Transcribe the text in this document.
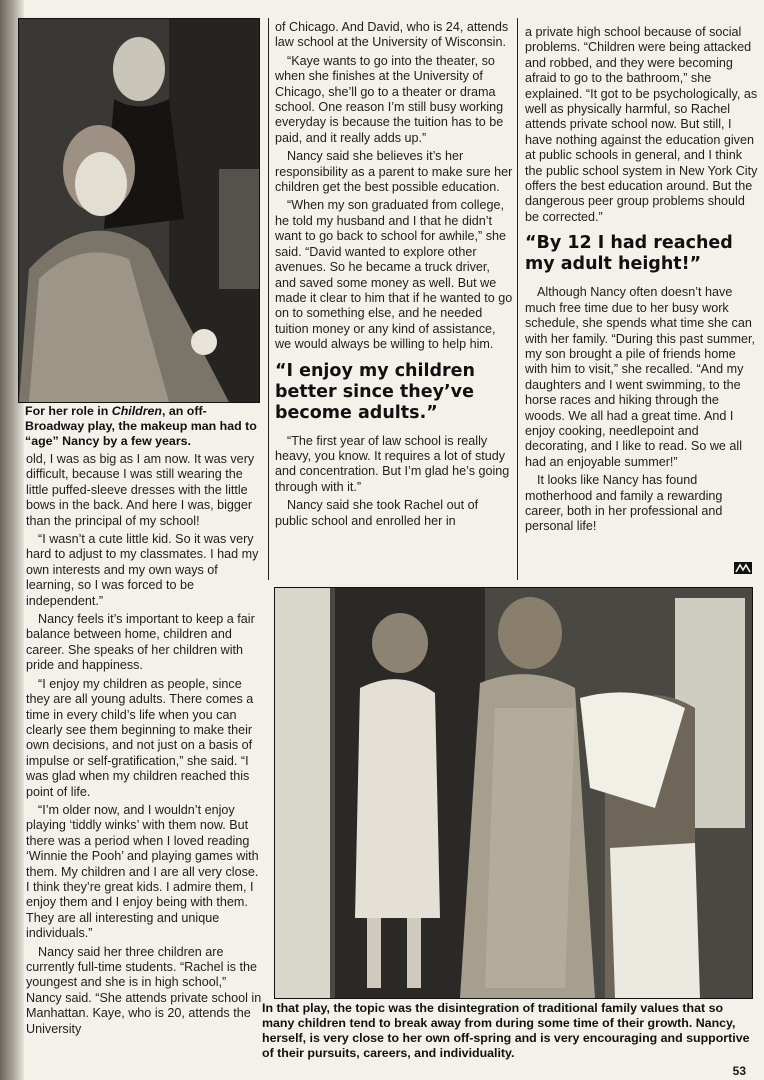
For her role in Children, an off-Broadway play, the makeup man had to “age” Nancy by a few years.

old, I was as big as I am now. It was very difficult, because I was still wearing the little puffed-sleeve dresses with the little bows in the back. And here I was, bigger than the principal of my school!

“I wasn’t a cute little kid. So it was very hard to adjust to my classmates. I had my own interests and my own ways of learning, so I was forced to be independent.”

Nancy feels it’s important to keep a fair balance between home, children and career. She speaks of her children with pride and happiness.

“I enjoy my children as people, since they are all young adults. There comes a time in every child’s life when you can clearly see them beginning to make their own decisions, and not just on a basis of impulse or self-gratification,” she said. “I was glad when my children reached this point of life.

“I’m older now, and I wouldn’t enjoy playing ‘tiddly winks’ with them now. But there was a period when I loved reading ‘Winnie the Pooh’ and playing games with them. My children and I are all very close. I think they’re great kids. I admire them, I enjoy them and I enjoy being with them. They are all interesting and unique individuals.”

Nancy said her three children are currently full-time students. “Rachel is the youngest and she is in high school,” Nancy said. “She attends private school in Manhattan. Kaye, who is 20, attends the University

of Chicago. And David, who is 24, attends law school at the University of Wisconsin.

“Kaye wants to go into the theater, so when she finishes at the University of Chicago, she’ll go to a theater or drama school. One reason I’m still busy working everyday is because the tuition has to be paid, and it really adds up.”

Nancy said she believes it’s her responsibility as a parent to make sure her children get the best possible education.

“When my son graduated from college, he told my husband and I that he didn’t want to go back to school for awhile,” she said. “David wanted to explore other avenues. So he became a truck driver, and saved some money as well. But we made it clear to him that if he wanted to go on to something else, and he needed tuition money or any kind of assistance, we would always be willing to help him.

“I enjoy my children better since they’ve become adults.”

“The first year of law school is really heavy, you know. It requires a lot of study and concentration. But I’m glad he’s going through with it.”

Nancy said she took Rachel out of public school and enrolled her in

a private high school because of social problems. “Children were being attacked and robbed, and they were becoming afraid to go to the bathroom,” she explained. “It got to be psychologically, as well as physically harmful, so Rachel attends private school now. But still, I have nothing against the education given at public schools in general, and I think the public school system in New York City offers the best education around. But the dangerous peer group problems should be corrected.”

“By 12 I had reached my adult height!”

Although Nancy often doesn’t have much free time due to her busy work schedule, she spends what time she can with her family. “During this past summer, my son brought a pile of friends home with him to visit,” she recalled. “And my daughters and I went swimming, to the horse races and hiking through the woods. We all had a great time. And I enjoy cooking, needlepoint and decorating, and I like to read. So we all had an enjoyable summer!”

It looks like Nancy has found motherhood and family a rewarding career, both in her professional and personal life!

In that play, the topic was the disintegration of traditional family values that so many children tend to break away from during some time of their growth. Nancy, herself, is very close to her own off-spring and is very encouraging and supportive of their pursuits, careers, and individuality.
53
